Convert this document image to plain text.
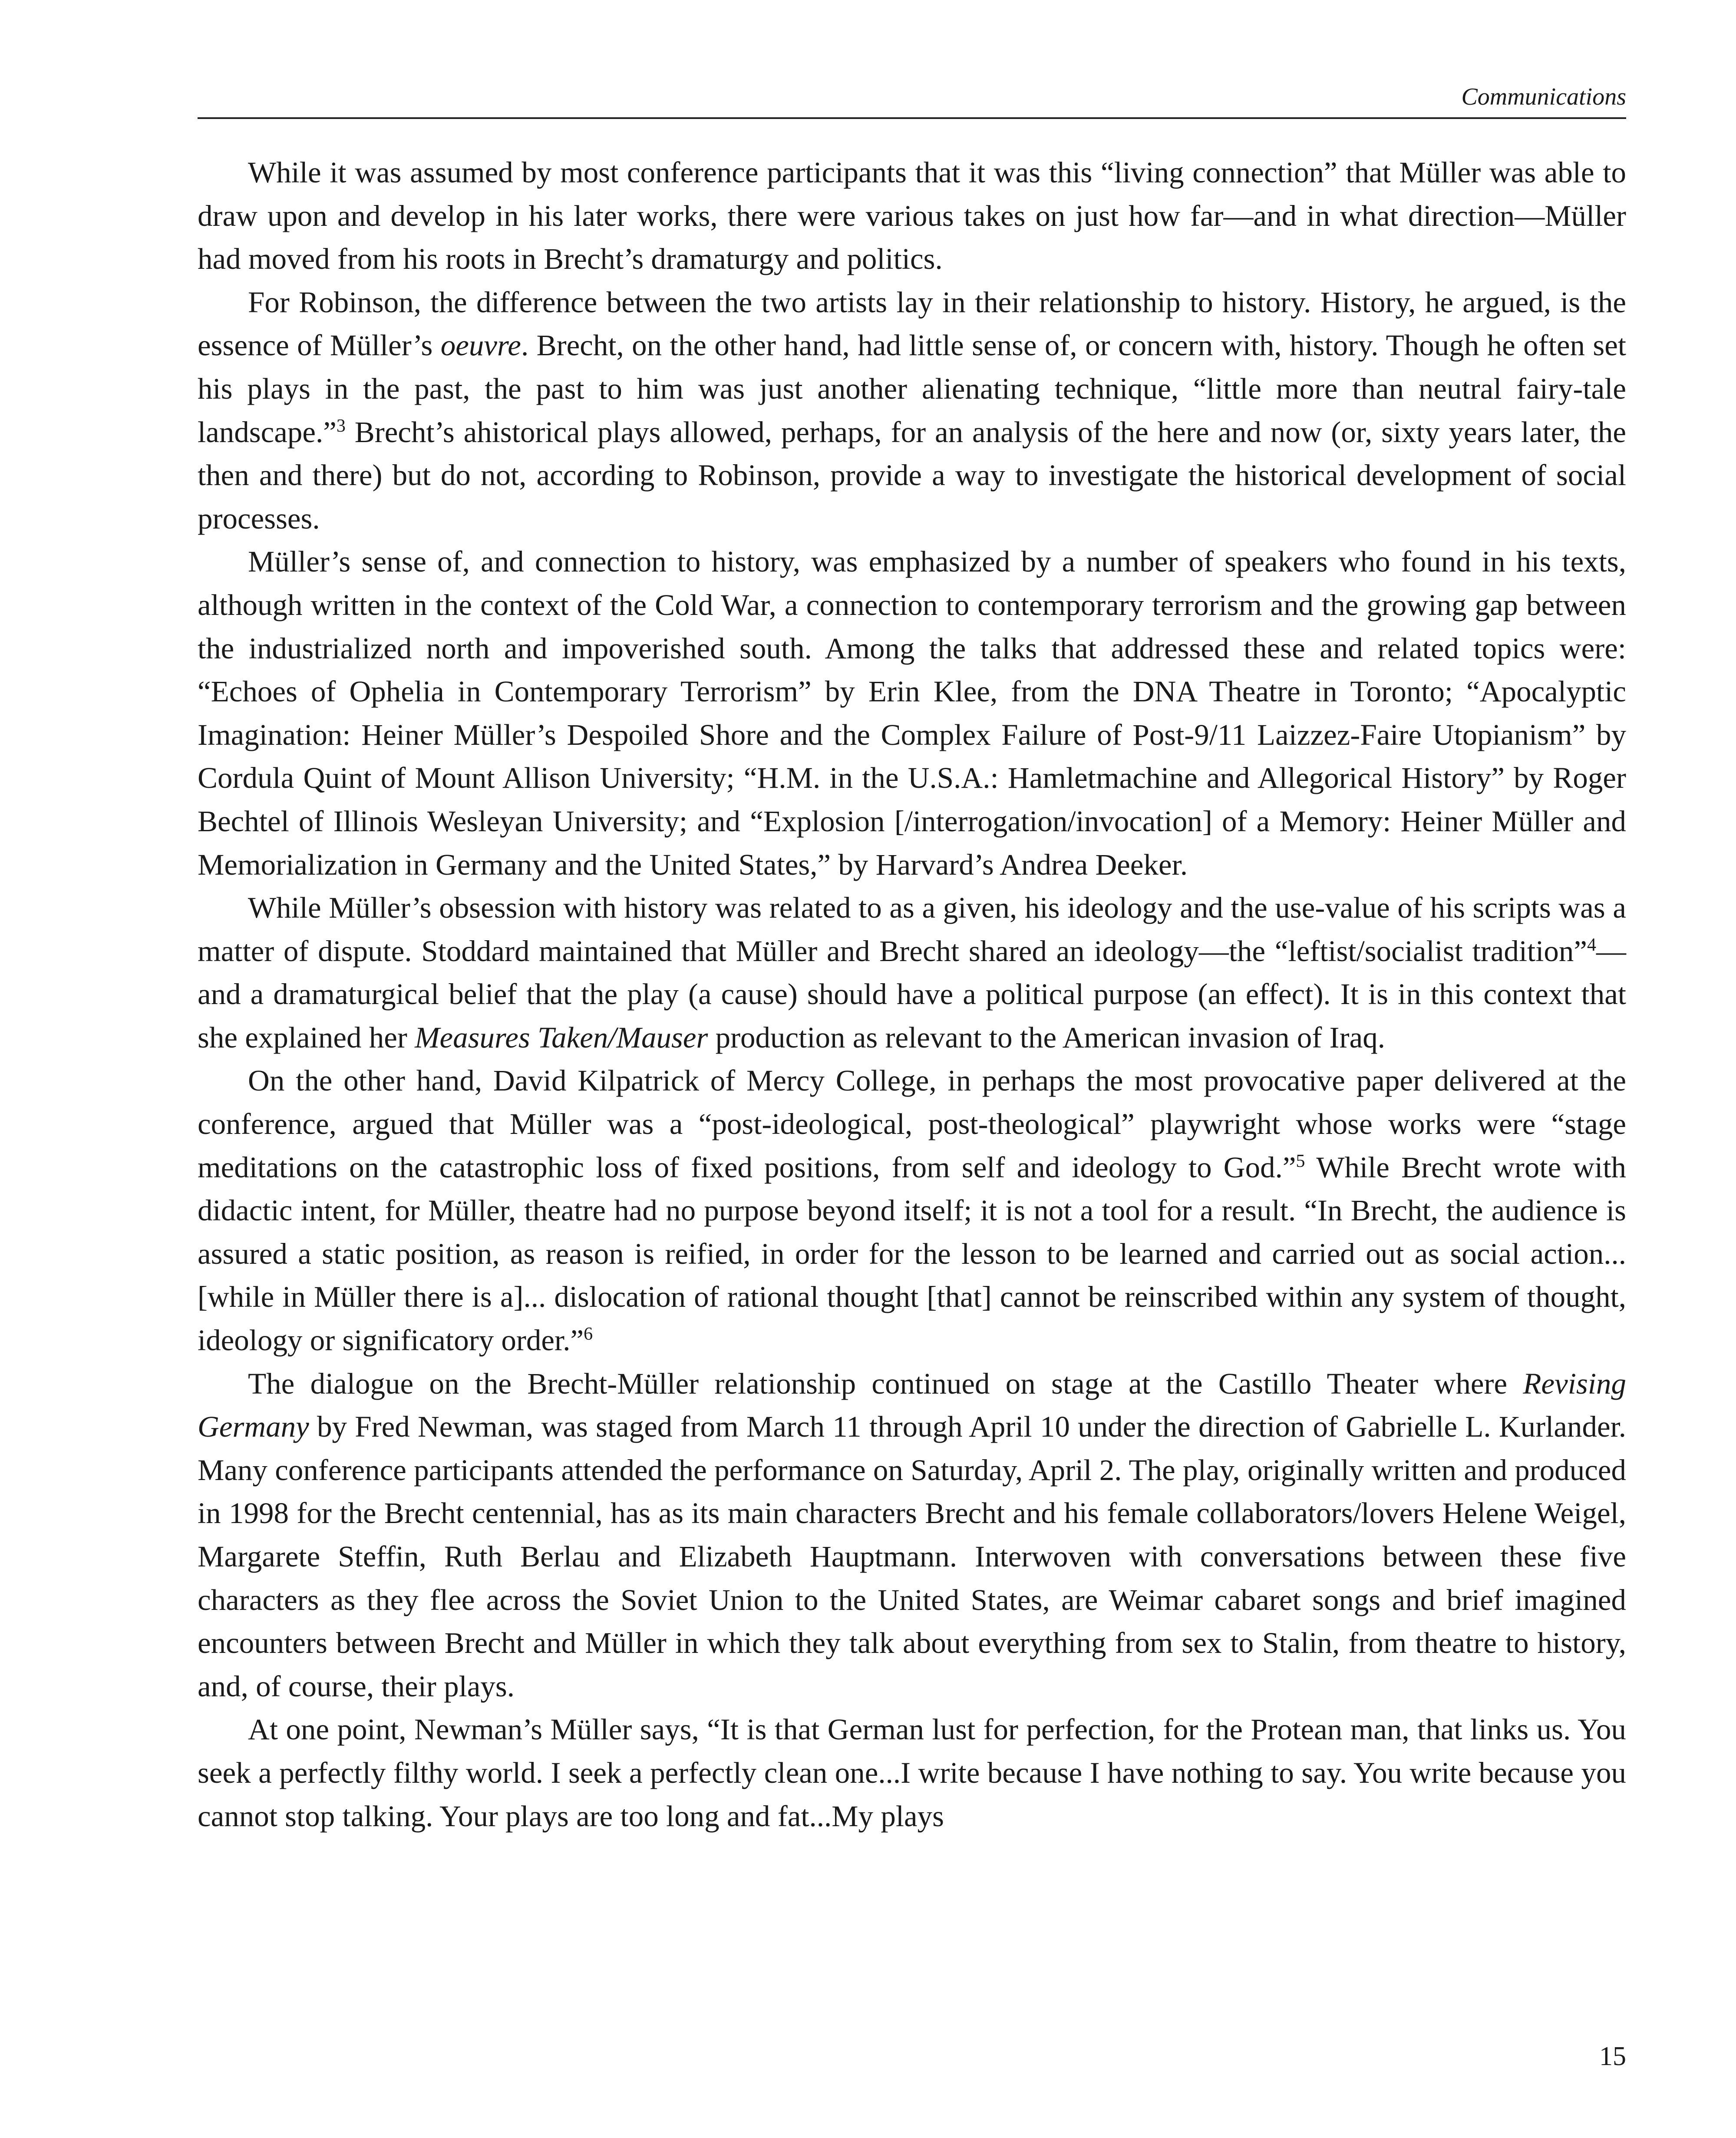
Communications

While it was assumed by most conference participants that it was this “living connection” that Müller was able to draw upon and develop in his later works, there were various takes on just how far—and in what direction—Müller had moved from his roots in Brecht’s dramaturgy and politics.

For Robinson, the difference between the two artists lay in their relationship to history. History, he argued, is the essence of Müller’s oeuvre. Brecht, on the other hand, had little sense of, or concern with, history. Though he often set his plays in the past, the past to him was just another alienating technique, “little more than neutral fairy-tale landscape.”$^3$ Brecht’s ahistorical plays allowed, perhaps, for an analysis of the here and now (or, sixty years later, the then and there) but do not, according to Robinson, provide a way to investigate the historical development of social processes.

Müller’s sense of, and connection to history, was emphasized by a number of speakers who found in his texts, although written in the context of the Cold War, a connection to contemporary terrorism and the growing gap between the industrialized north and impoverished south. Among the talks that addressed these and related topics were: “Echoes of Ophelia in Contemporary Terrorism” by Erin Klee, from the DNA Theatre in Toronto; “Apocalyptic Imagination: Heiner Müller’s Despoiled Shore and the Complex Failure of Post-9/11 Laizzez-Faire Utopianism” by Cordula Quint of Mount Allison University; “H.M. in the U.S.A.: Hamletmachine and Allegorical History” by Roger Bechtel of Illinois Wesleyan University; and “Explosion [/interrogation/invocation] of a Memory: Heiner Müller and Memorialization in Germany and the United States,” by Harvard’s Andrea Deeker.

While Müller’s obsession with history was related to as a given, his ideology and the use-value of his scripts was a matter of dispute. Stoddard maintained that Müller and Brecht shared an ideology—the “leftist/socialist tradition”$^4$— and a dramaturgical belief that the play (a cause) should have a political purpose (an effect). It is in this context that she explained her Measures Taken/Mauser production as relevant to the American invasion of Iraq.

On the other hand, David Kilpatrick of Mercy College, in perhaps the most provocative paper delivered at the conference, argued that Müller was a “post-ideological, post-theological” playwright whose works were “stage meditations on the catastrophic loss of fixed positions, from self and ideology to God.”$^5$ While Brecht wrote with didactic intent, for Müller, theatre had no purpose beyond itself; it is not a tool for a result. “In Brecht, the audience is assured a static position, as reason is reified, in order for the lesson to be learned and carried out as social action...[while in Müller there is a]... dislocation of rational thought [that] cannot be reinscribed within any system of thought, ideology or significatory order.”$^6$

The dialogue on the Brecht-Müller relationship continued on stage at the Castillo Theater where Revising Germany by Fred Newman, was staged from March 11 through April 10 under the direction of Gabrielle L. Kurlander. Many conference participants attended the performance on Saturday, April 2. The play, originally written and produced in 1998 for the Brecht centennial, has as its main characters Brecht and his female collaborators/lovers Helene Weigel, Margarete Steffin, Ruth Berlau and Elizabeth Hauptmann. Interwoven with conversations between these five characters as they flee across the Soviet Union to the United States, are Weimar cabaret songs and brief imagined encounters between Brecht and Müller in which they talk about everything from sex to Stalin, from theatre to history, and, of course, their plays.

At one point, Newman’s Müller says, “It is that German lust for perfection, for the Protean man, that links us. You seek a perfectly filthy world. I seek a perfectly clean one...I write because I have nothing to say. You write because you cannot stop talking. Your plays are too long and fat...My plays

15
